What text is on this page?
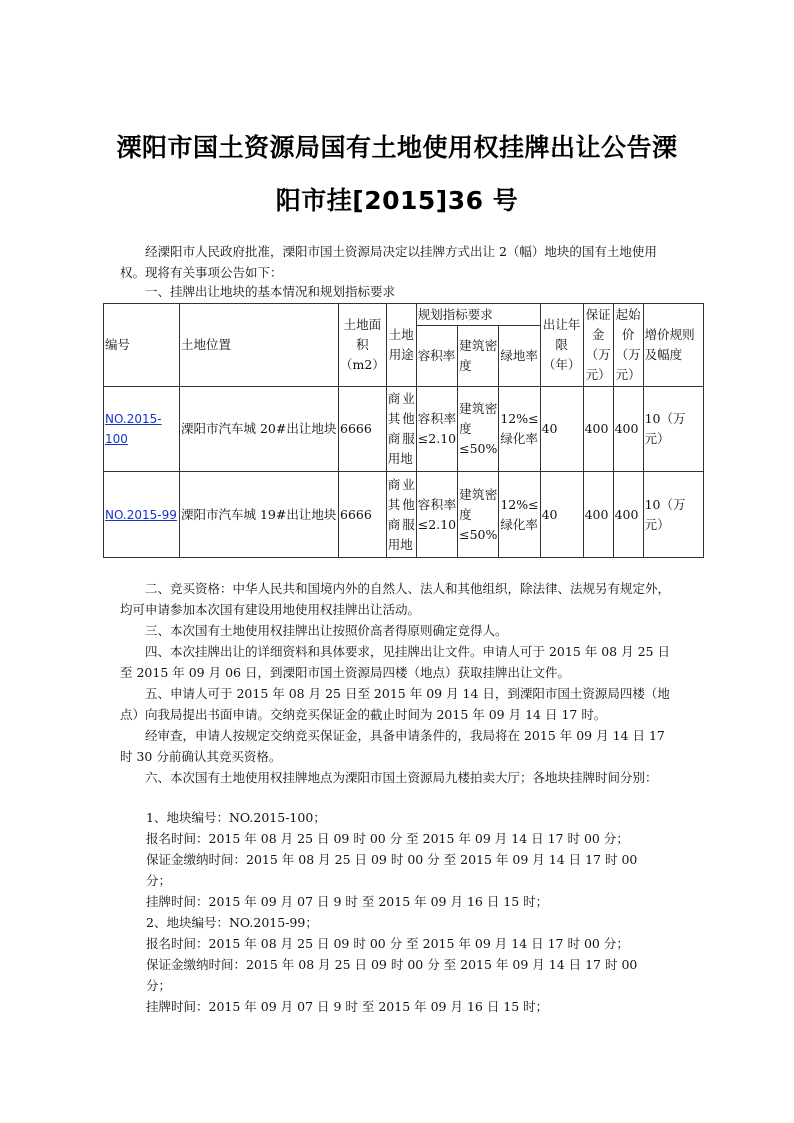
溧阳市国土资源局国有土地使用权挂牌出让公告溧
阳市挂[2015]36 号

经溧阳市人民政府批准，溧阳市国土资源局决定以挂牌方式出让 2（幅）地块的国有土地使用权。现将有关事项公告如下：

一、挂牌出让地块的基本情况和规划指标要求
编号	土地位置	土地面积（m2）	土地用途	规划指标要求			出让年限（年）	保证金（万元）	起始价（万元）	增价规则及幅度
				容积率	建筑密度	绿地率				
NO.2015-100	溧阳市汽车城 20#出让地块	6666	商业其他商服用地	容积率≤2.10	建筑密度≤50%	12%≤绿化率	40	400	400	10（万元）
NO.2015-99	溧阳市汽车城 19#出让地块	6666	商业其他商服用地	容积率≤2.10	建筑密度≤50%	12%≤绿化率	40	400	400	10（万元）

二、竞买资格：中华人民共和国境内外的自然人、法人和其他组织，除法律、法规另有规定外，均可申请参加本次国有建设用地使用权挂牌出让活动。

三、本次国有土地使用权挂牌出让按照价高者得原则确定竞得人。

四、本次挂牌出让的详细资料和具体要求，见挂牌出让文件。申请人可于 2015 年 08 月 25 日至 2015 年 09 月 06 日，到溧阳市国土资源局四楼（地点）获取挂牌出让文件。

五、申请人可于 2015 年 08 月 25 日至 2015 年 09 月 14 日，到溧阳市国土资源局四楼（地点）向我局提出书面申请。交纳竞买保证金的截止时间为 2015 年 09 月 14 日 17 时。

经审查，申请人按规定交纳竞买保证金，具备申请条件的，我局将在 2015 年 09 月 14 日 17 时 30 分前确认其竞买资格。

六、本次国有土地使用权挂牌地点为溧阳市国土资源局九楼拍卖大厅；各地块挂牌时间分别：

1、地块编号：NO.2015-100；
报名时间：2015 年 08 月 25 日 09 时 00 分 至 2015 年 09 月 14 日 17 时 00 分；
保证金缴纳时间：2015 年 08 月 25 日 09 时 00 分 至 2015 年 09 月 14 日 17 时 00
分；
挂牌时间：2015 年 09 月 07 日 9 时 至 2015 年 09 月 16 日 15 时；
2、地块编号：NO.2015-99；
报名时间：2015 年 08 月 25 日 09 时 00 分 至 2015 年 09 月 14 日 17 时 00 分；
保证金缴纳时间：2015 年 08 月 25 日 09 时 00 分 至 2015 年 09 月 14 日 17 时 00
分；
挂牌时间：2015 年 09 月 07 日 9 时 至 2015 年 09 月 16 日 15 时；
